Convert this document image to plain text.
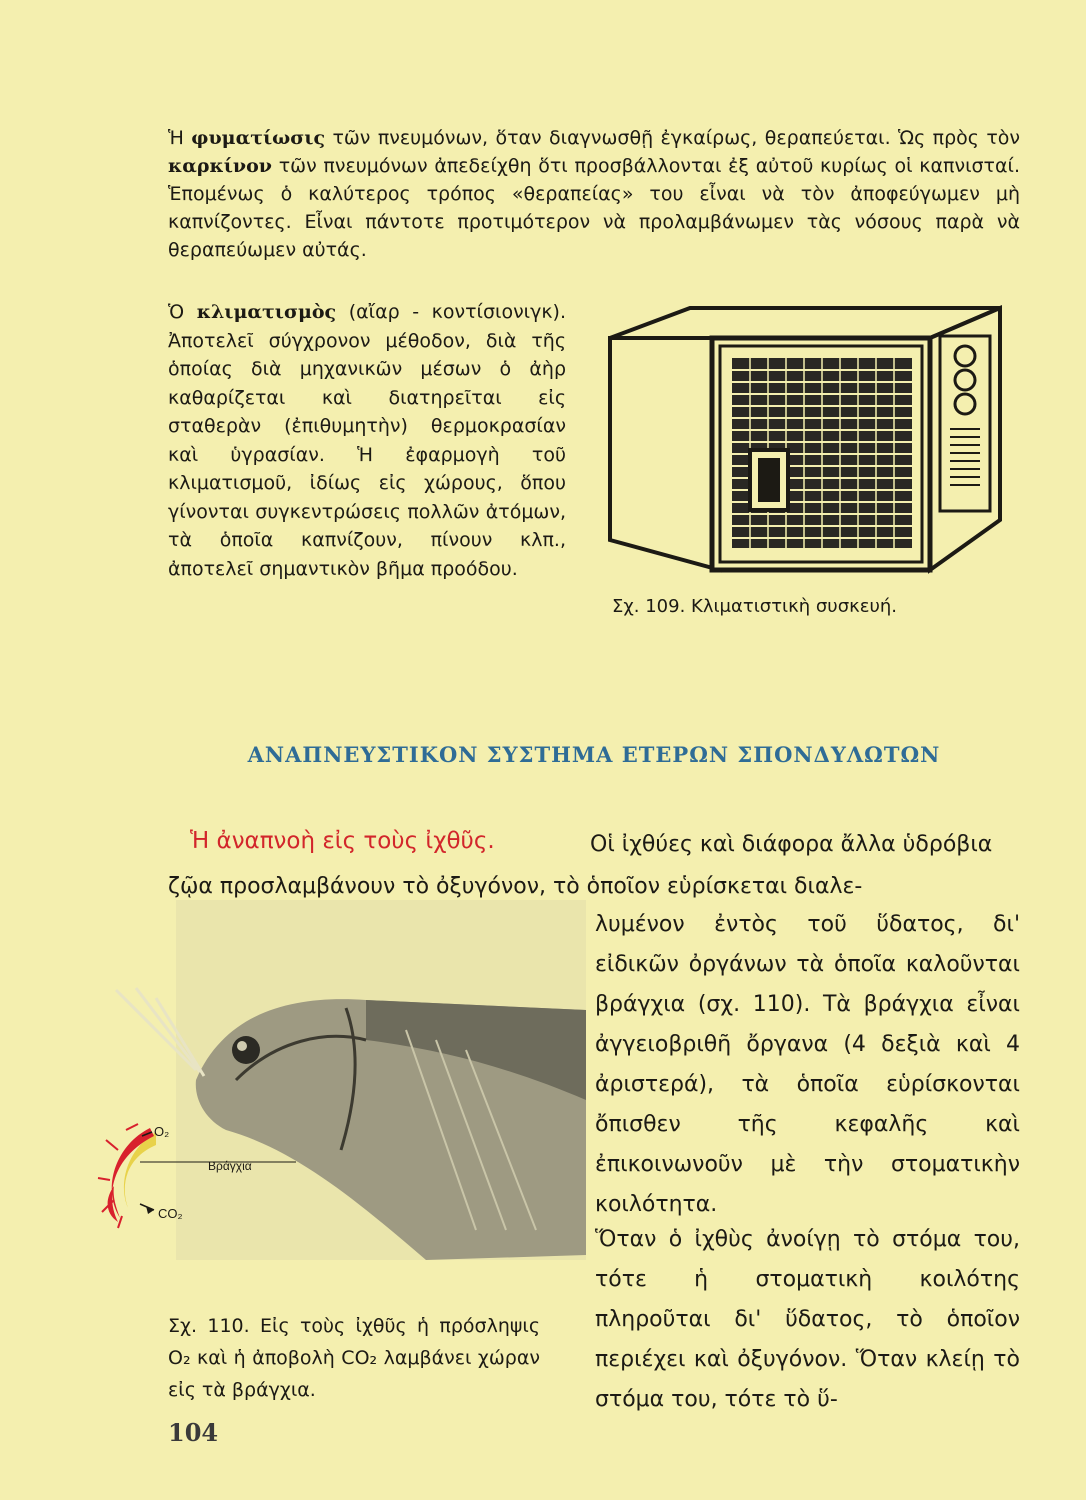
Ἡ φυματίωσις τῶν πνευμόνων, ὅταν διαγνωσθῇ ἐγκαίρως, θεραπεύεται. Ὡς πρὸς τὸν καρκίνον τῶν πνευμόνων ἀπεδείχθη ὅτι προσβάλλονται ἐξ αὐτοῦ κυρίως οἱ καπνισταί. Ἑπομένως ὁ καλύτερος τρόπος «θεραπείας» του εἶναι νὰ τὸν ἀποφεύγωμεν μὴ καπνίζοντες. Εἶναι πάντοτε προτιμότερον νὰ προλαμβάνωμεν τὰς νόσους παρὰ νὰ θεραπεύωμεν αὐτάς.

Ὁ κλιματισμὸς (αἴαρ - κοντίσιονιγκ). Ἀποτελεῖ σύγχρονον μέθοδον, διὰ τῆς ὁποίας διὰ μηχανικῶν μέσων ὁ ἀὴρ καθαρίζεται καὶ διατηρεῖται εἰς σταθερὰν (ἐπιθυμητὴν) θερμοκρασίαν καὶ ὑγρασίαν. Ἡ ἐφαρμογὴ τοῦ κλιματισμοῦ, ἰδίως εἰς χώρους, ὅπου γίνονται συγκεντρώσεις πολλῶν ἀτόμων, τὰ ὁποῖα καπνίζουν, πίνουν κλπ., ἀποτελεῖ σημαντικὸν βῆμα προόδου.

Σχ. 109. Κλιματιστικὴ συσκευή.
ΑΝΑΠΝΕΥΣΤΙΚΟΝ ΣΥΣΤΗΜΑ ΕΤΕΡΩΝ ΣΠΟΝΔΥΛΩΤΩΝ
Ἡ ἀναπνοὴ εἰς τοὺς ἰχθῦς.	Οἱ ἰχθύες καὶ διάφορα ἄλλα ὑδρόβια

ζῷα προσλαμβάνουν τὸ ὀξυγόνον, τὸ ὁποῖον εὑρίσκεται διαλε-

λυμένον ἐντὸς τοῦ ὕδατος, δι' εἰδικῶν ὀργάνων τὰ ὁποῖα καλοῦνται βράγχια (σχ. 110). Τὰ βράγχια εἶναι ἀγγειοβριθῆ ὄργανα (4 δεξιὰ καὶ 4 ἀριστερά), τὰ ὁποῖα εὑρίσκονται ὄπισθεν τῆς κεφαλῆς καὶ ἐπικοινωνοῦν μὲ τὴν στοματικὴν κοιλότητα.

Ὅταν ὁ ἰχθὺς ἀνοίγῃ τὸ στόμα του, τότε ἡ στοματικὴ κοιλότης πληροῦται δι' ὕδατος, τὸ ὁποῖον περιέχει καὶ ὀξυγόνον. Ὅταν κλείῃ τὸ στόμα του, τότε τὸ ὕ-

O₂
Βράγχια
CO₂

Σχ. 110. Εἰς τοὺς ἰχθῦς ἡ πρόσληψις O₂ καὶ ἡ ἀποβολὴ CO₂ λαμβάνει χώραν εἰς τὰ βράγχια.

104
